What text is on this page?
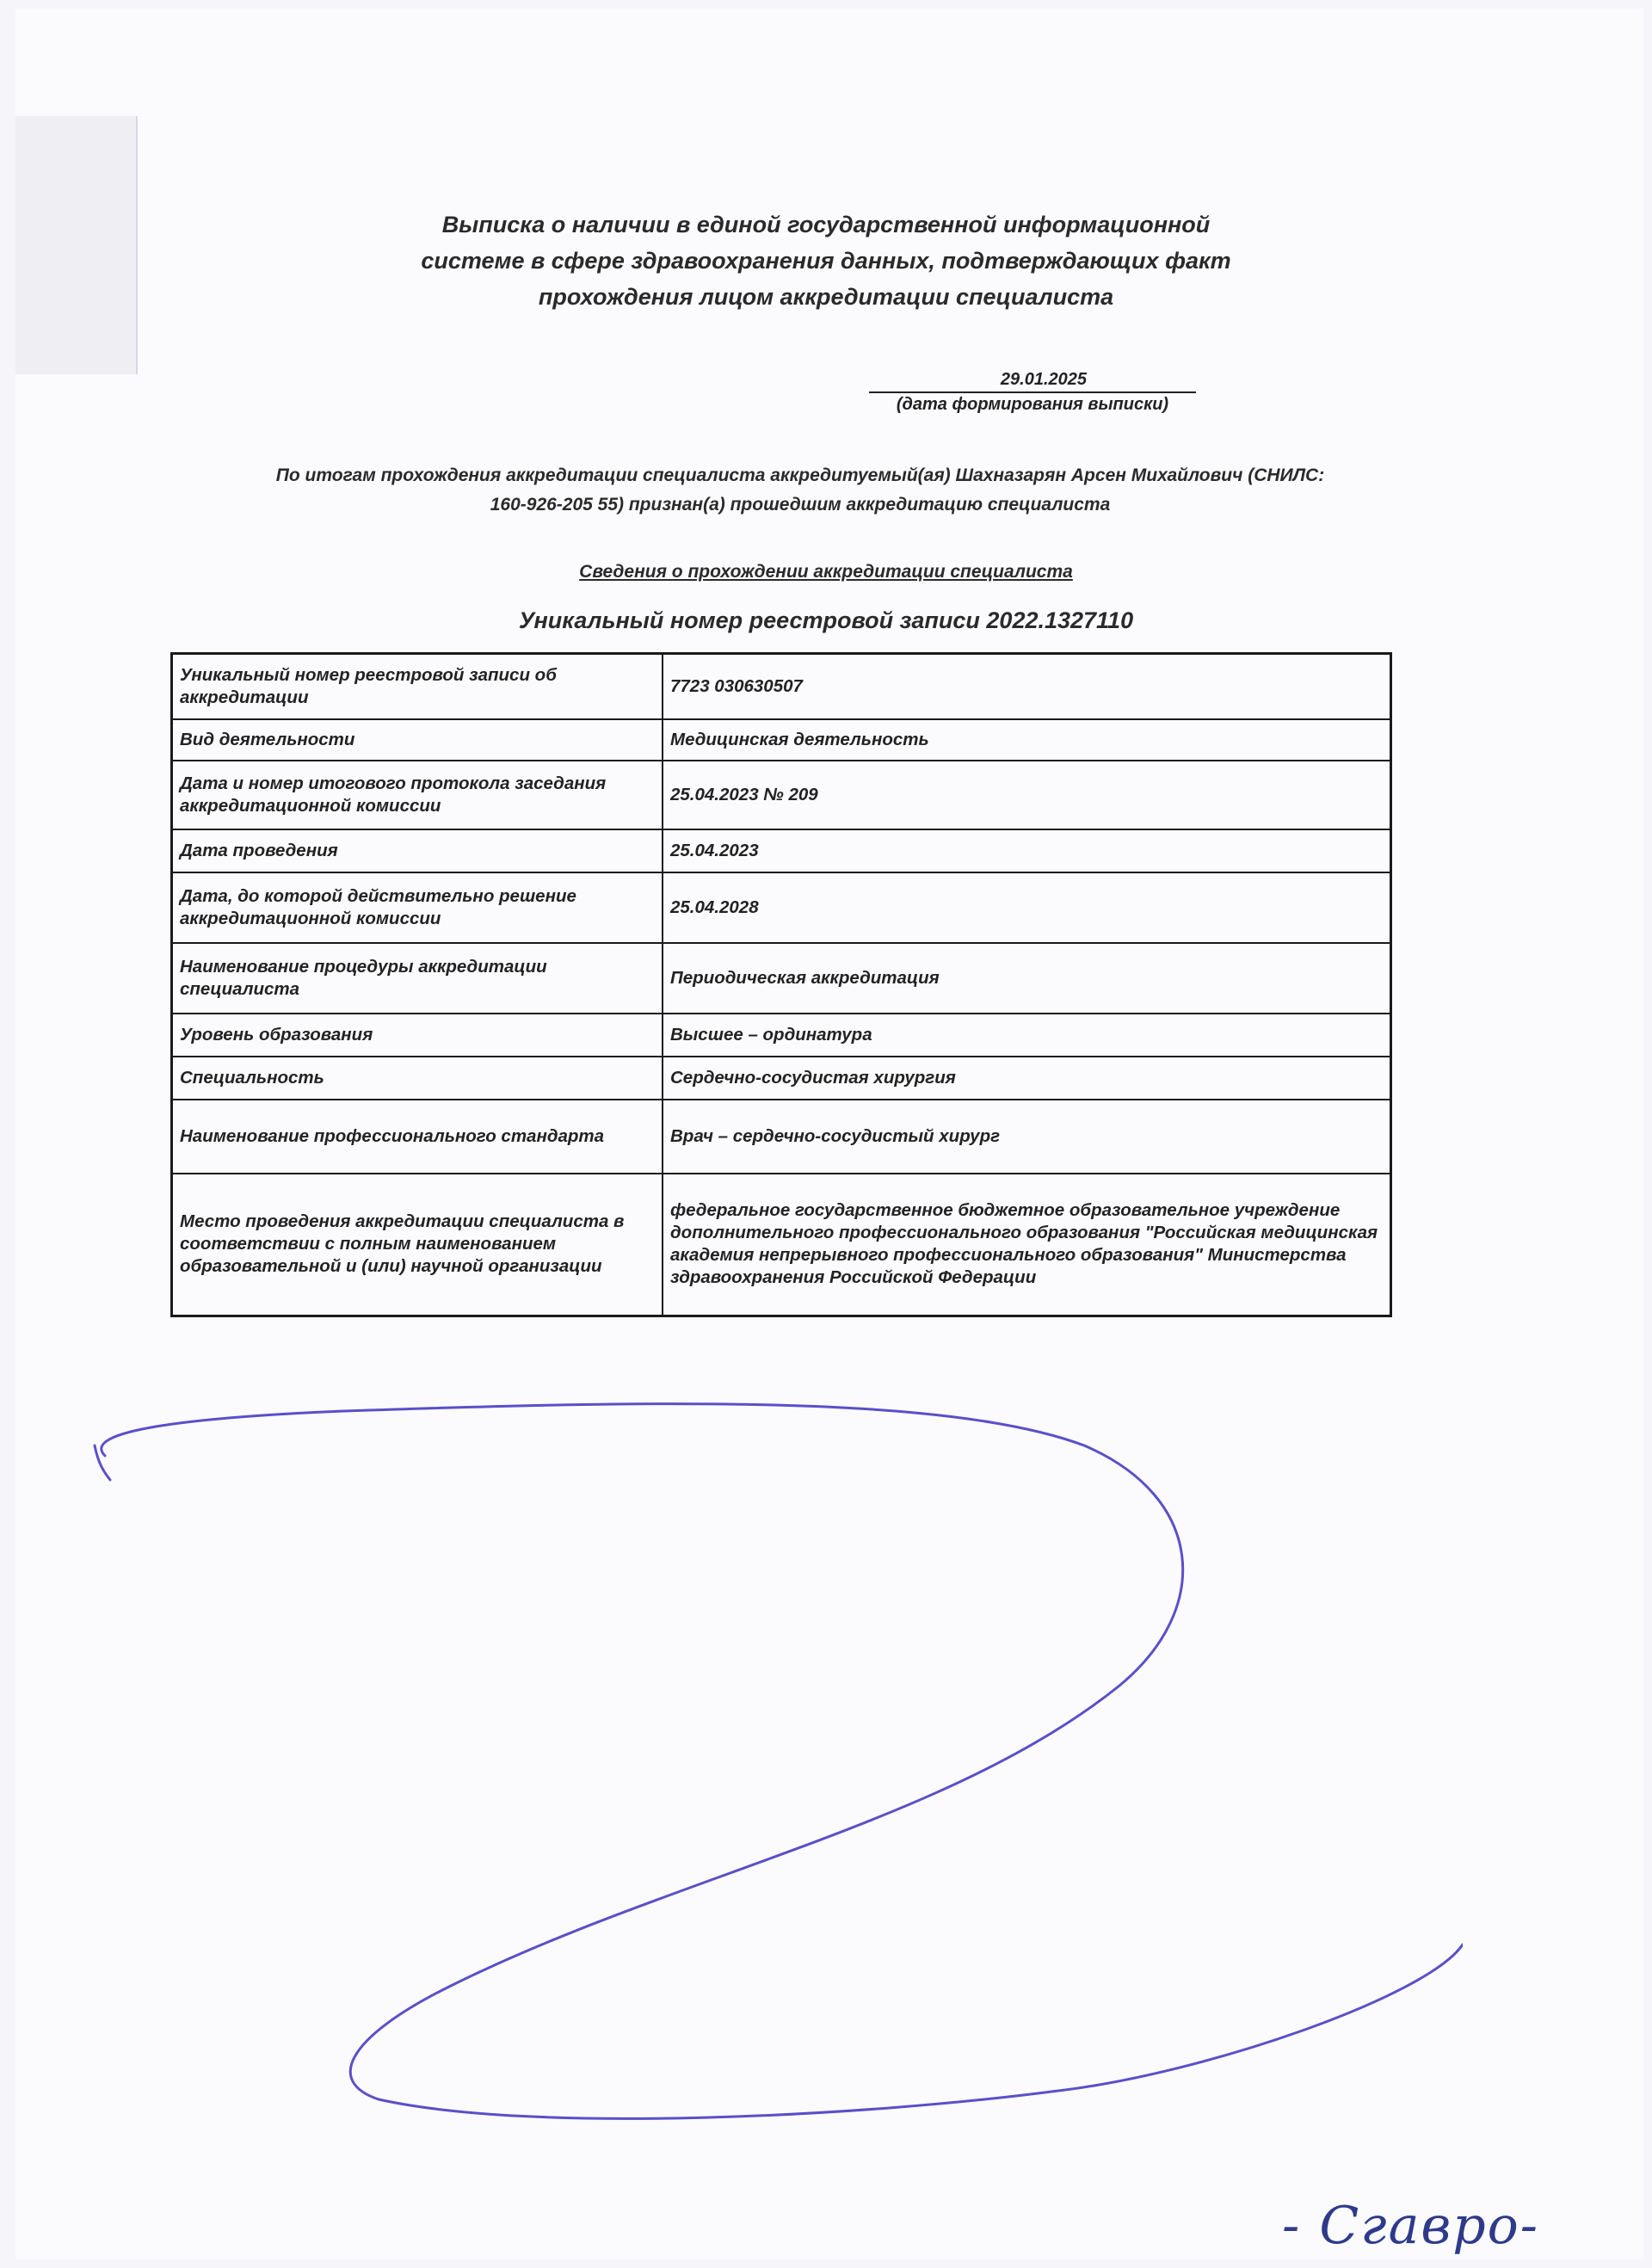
Выписка о наличии в единой государственной информационной
системе в сфере здравоохранения данных, подтверждающих факт
прохождения лицом аккредитации специалиста
29.01.2025
(дата формирования выписки)
По итогам прохождения аккредитации специалиста аккредитуемый(ая) Шахназарян Арсен Михайлович (СНИЛС:
160-926-205 55) признан(а) прошедшим аккредитацию специалиста
Сведения о прохождении аккредитации специалиста
Уникальный номер реестровой записи 2022.1327110
Уникальный номер реестровой записи об аккредитации	7723 030630507
Вид деятельности	Медицинская деятельность
Дата и номер итогового протокола заседания аккредитационной комиссии	25.04.2023 № 209
Дата проведения	25.04.2023
Дата, до которой действительно решение аккредитационной комиссии	25.04.2028
Наименование процедуры аккредитации специалиста	Периодическая аккредитация
Уровень образования	Высшее – ординатура
Специальность	Сердечно-сосудистая хирургия
Наименование профессионального стандарта	Врач – сердечно-сосудистый хирург
Место проведения аккредитации специалиста в соответствии с полным наименованием образовательной и (или) научной организации	федеральное государственное бюджетное образовательное учреждение дополнительного профессионального образования "Российская медицинская академия непрерывного профессионального образования" Министерства здравоохранения Российской Федерации
- Сгавро-
